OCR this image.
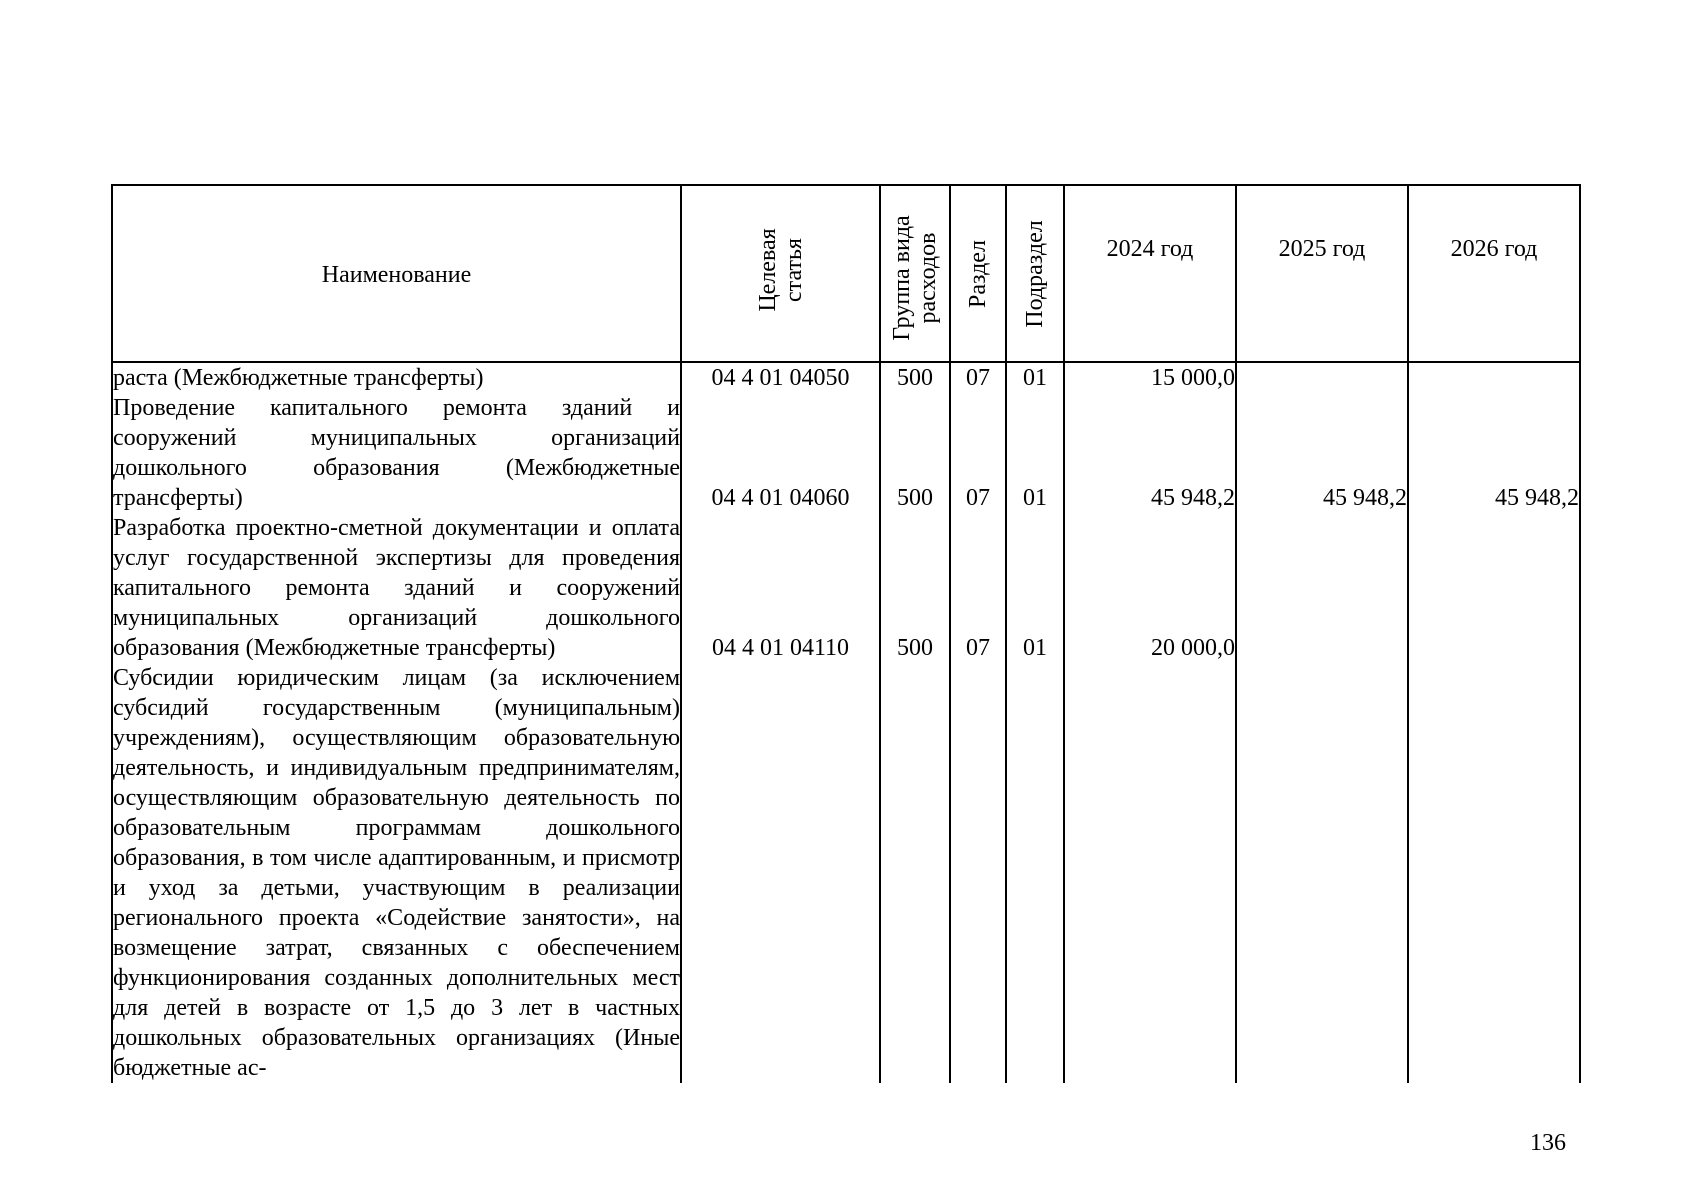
Наименование	Целевая статья	Группа вида расходов	Раздел	Подраздел	2024 год	2025 год	2026 год

раста (Межбюджетные трансферты)	04 4 01 04050	500	07	01	15 000,0		

Проведение капитального ремонта зданий и сооружений муниципальных организаций дошкольного образования (Межбюджетные трансферты)	04 4 01 04060	500	07	01	45 948,2	45 948,2	45 948,2

Разработка проектно-сметной документации и оплата услуг государственной экспертизы для проведения капитального ремонта зданий и сооружений муниципальных организаций дошкольного образования (Межбюджетные трансферты)	04 4 01 04110	500	07	01	20 000,0		

Субсидии юридическим лицам (за исключением субсидий государственным (муниципальным) учреждениям), осуществляющим образовательную деятельность, и индивидуальным предпринимателям, осуществляющим образовательную деятельность по образовательным программам дошкольного образования, в том числе адаптированным, и присмотр и уход за детьми, участвующим в реализации регионального проекта «Содействие занятости», на возмещение затрат, связанных с обеспечением функционирования созданных дополнительных мест для детей в возрасте от 1,5 до 3 лет в частных дошкольных образовательных организациях (Иные бюджетные ас-							

136
